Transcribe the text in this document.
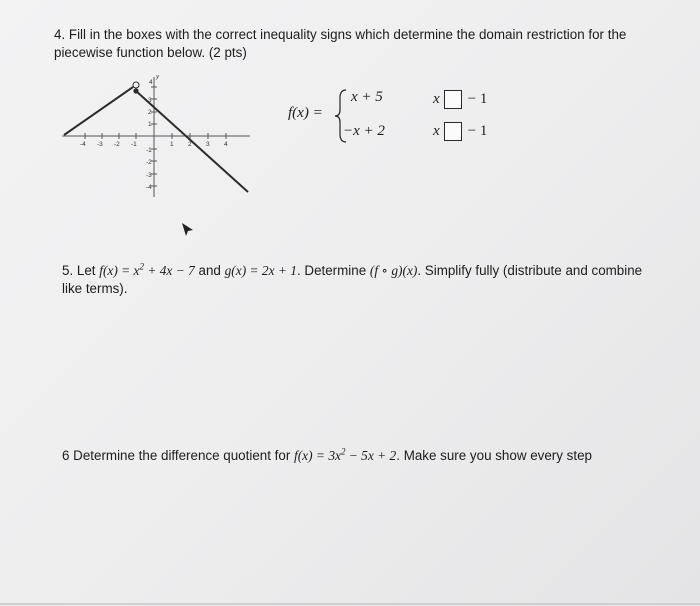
4. Fill in the boxes with the correct inequality signs which determine the domain restriction for the piecewise function below. (2 pts)
-4 -3 -2 -1	1 2 3 4
4
3
2
1
-1
-2
-3
-4
y
f(x) =
x + 5
−x + 2
x − 1
x − 1
5. Let $f(x) = x^2 + 4x - 7$ and g(x) = 2x + 1. Determine (f ∘ g)(x). Simplify fully (distribute and combine like terms).
6 Determine the difference quotient for $f(x) = 3x^2 - 5x + 2$. Make sure you show every step
